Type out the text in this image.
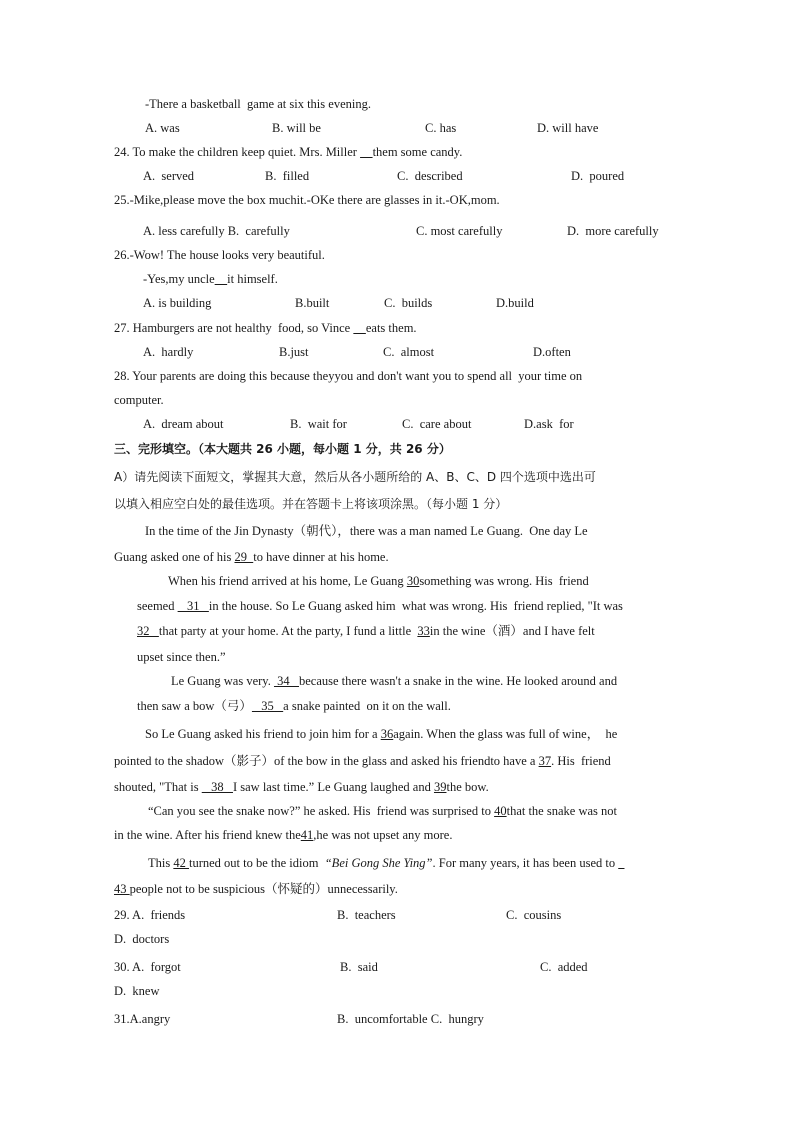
-There a basketball  game at six this evening.
A. was	B. will be	C. has	D. will have
24. To make the children keep quiet. Mrs. Miller     them some candy.
A.  served	B.  filled	C.  described	D.  poured
25.-Mike,please move the box muchit.-OKe there are glasses in it.-OK,mom.
A. less carefully B.  carefully	C. most carefully	D.  more carefully
26.-Wow! The house looks very beautiful.
-Yes,my uncle it himself.
A. is building	B.built	C.  builds	D.build
27. Hamburgers are not healthy  food, so Vince     eats them.
A.  hardly	B.just	C.  almost	D.often
28. Your parents are doing this because theyyou and don't want you to spend all  your time on
computer.
A.  dream about	B.  wait for	C.  care about	D.ask  for
三、完形填空。（本大题共 26 小题，每小题 1 分，共 26 分）
A）请先阅读下面短文，掌握其大意，然后从各小题所给的 A、B、C、D 四个选项中选出可
以填入相应空白处的最佳选项。并在答题卡上将该项涂黑。（每小题 1 分）
In the time of the Jin Dynasty（朝代），there was a man named Le Guang.  One day Le
Guang asked one of his 29  to have dinner at his home.
When his friend arrived at his home, Le Guang 30something was wrong. His  friend
seemed    31   in the house. So Le Guang asked him  what was wrong. His  friend replied, "It was
32   that party at your home. At the party, I fund a little  33in the wine（酒）and I have felt
upset since then.”
Le Guang was very.  34   because there wasn't a snake in the wine. He looked around and
then saw a bow（弓）   35   a snake painted  on it on the wall.
So Le Guang asked his friend to join him for a 36again. When the glass was full of wine，  he
pointed to the shadow（影子）of the bow in the glass and asked his friendto have a 37. His  friend
shouted, "That is    38   I saw last time.” Le Guang laughed and 39the bow.
“Can you see the snake now?” he asked. His  friend was surprised to 40that the snake was not
in the wine. After his friend knew the41,he was not upset any more.
This 42 turned out to be the idiom  “Bei Gong She Ying”. For many years, it has been used to
43 people not to be suspicious（怀疑的）unnecessarily.
29. A.  friends	B.  teachers	C.  cousins
D.  doctors
30. A.  forgot	B.  said	C.  added
D.  knew
31.A.angry	B.  uncomfortable C.  hungry
